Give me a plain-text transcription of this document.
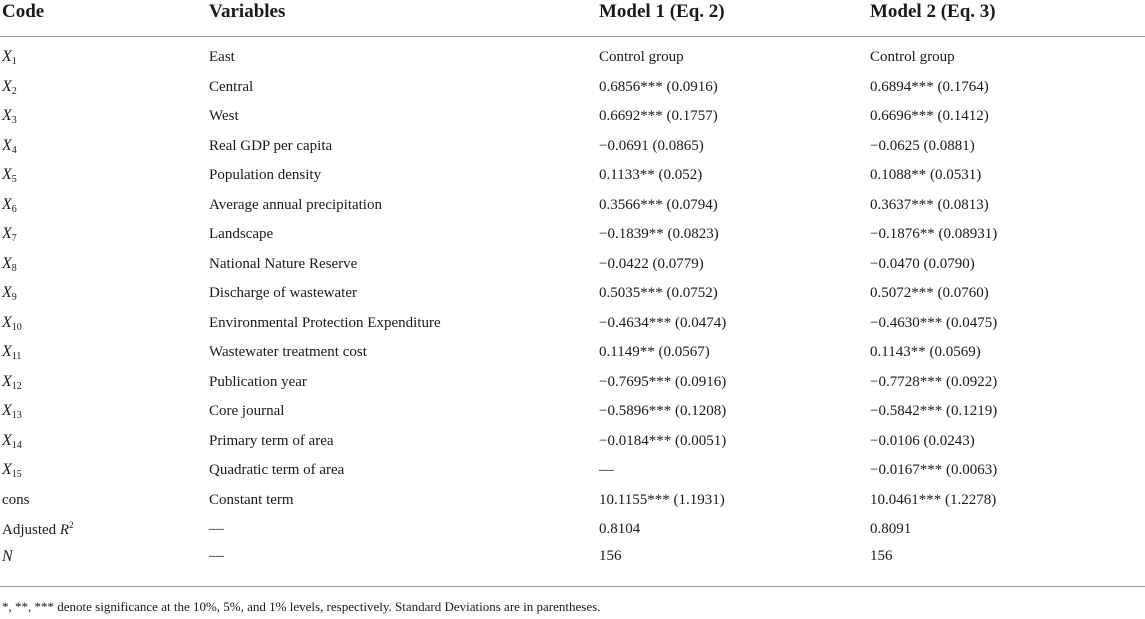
Code	Variables	Model 1 (Eq. 2)	Model 2 (Eq. 3)

$X_1$	East	Control group	Control group
$X_2$	Central	0.6856*** (0.0916)	0.6894*** (0.1764)
$X_3$	West	0.6692*** (0.1757)	0.6696*** (0.1412)
$X_4$	Real GDP per capita	−0.0691 (0.0865)	−0.0625 (0.0881)
$X_5$	Population density	0.1133** (0.052)	0.1088** (0.0531)
$X_6$	Average annual precipitation	0.3566*** (0.0794)	0.3637*** (0.0813)
$X_7$	Landscape	−0.1839** (0.0823)	−0.1876** (0.08931)
$X_8$	National Nature Reserve	−0.0422 (0.0779)	−0.0470 (0.0790)
$X_9$	Discharge of wastewater	0.5035*** (0.0752)	0.5072*** (0.0760)
$X_{10}$	Environmental Protection Expenditure	−0.4634*** (0.0474)	−0.4630*** (0.0475)
$X_{11}$	Wastewater treatment cost	0.1149** (0.0567)	0.1143** (0.0569)
$X_{12}$	Publication year	−0.7695*** (0.0916)	−0.7728*** (0.0922)
$X_{13}$	Core journal	−0.5896*** (0.1208)	−0.5842*** (0.1219)
$X_{14}$	Primary term of area	−0.0184*** (0.0051)	−0.0106 (0.0243)
$X_{15}$	Quadratic term of area	—	−0.0167*** (0.0063)
cons	Constant term	10.1155*** (1.1931)	10.0461*** (1.2278)
Adjusted $R^2$	—	0.8104	0.8091
N	—	156	156
*, **, *** denote significance at the 10%, 5%, and 1% levels, respectively. Standard Deviations are in parentheses.
